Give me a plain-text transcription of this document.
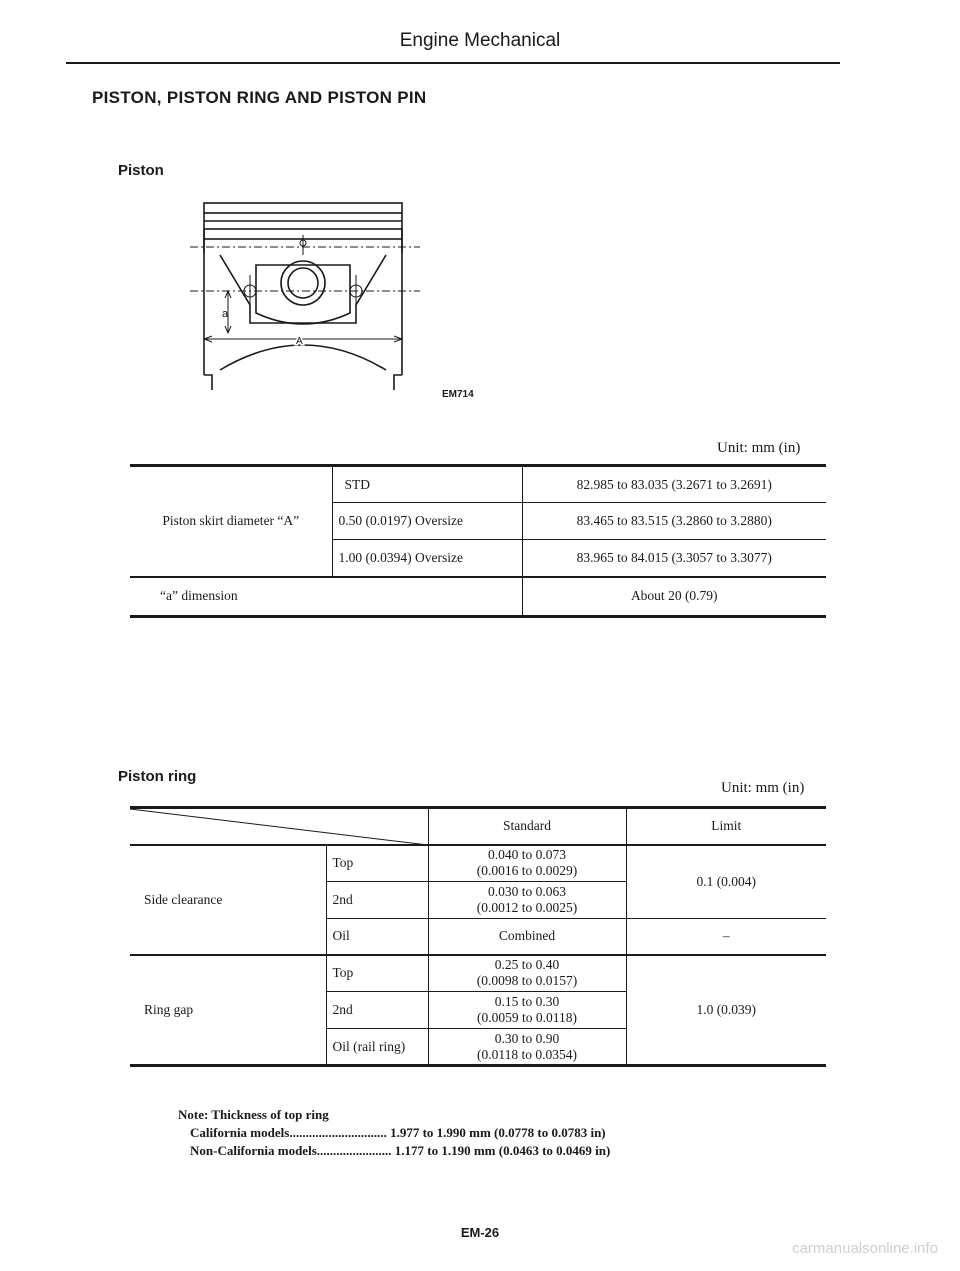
Engine Mechanical
PISTON, PISTON RING AND PISTON PIN
Piston
a
A
EM714
Unit: mm (in)
Piston skirt diameter “A”	STD	82.985 to 83.035 (3.2671 to 3.2691)
	0.50 (0.0197) Oversize	83.465 to 83.515 (3.2860 to 3.2880)
	1.00 (0.0394) Oversize	83.965 to 84.015 (3.3057 to 3.3077)
“a” dimension		About 20 (0.79)
Piston ring
Unit: mm (in)
	Standard	Limit
Side clearance	Top	0.040 to 0.073
(0.0016 to 0.0029)	0.1 (0.004)
	2nd	0.030 to 0.063
(0.0012 to 0.0025)	

	Oil	Combined	–
Ring gap	Top	0.25 to 0.40
(0.0098 to 0.0157)	1.0 (0.039)
	2nd	0.15 to 0.30
(0.0059 to 0.0118)	

	Oil (rail ring)	0.30 to 0.90
(0.0118 to 0.0354)	
Note: Thickness of top ring
California models.............................. 1.977 to 1.990 mm (0.0778 to 0.0783 in)
Non-California models....................... 1.177 to 1.190 mm (0.0463 to 0.0469 in)
EM-26
carmanualsonline.info
